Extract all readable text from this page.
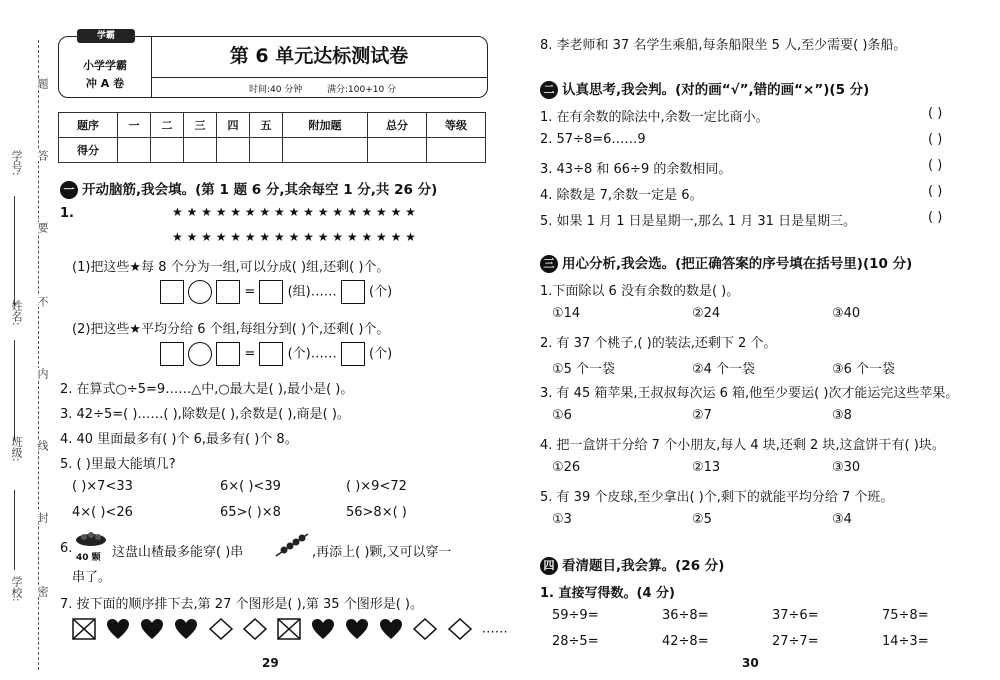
学号:
姓名:
班级:
学校:
题
答
要
不
内
线
封
密
学霸
小学学霸
冲 A 卷
第 6 单元达标测试卷
时间:40 分钟	满分:100+10 分
题序	一	二	三	四	五	附加题	总分	等级
得分								
一 开动脑筋,我会填。(第 1 题 6 分,其余每空 1 分,共 26 分)
1.	★ ★ ★ ★ ★ ★ ★ ★ ★ ★ ★ ★ ★ ★ ★ ★ ★
★ ★ ★ ★ ★ ★ ★ ★ ★ ★ ★ ★ ★ ★ ★ ★ ★
(1)把这些★每 8 个分为一组,可以分成( )组,还剩( )个。
= (组)…… (个)
(2)把这些★平均分给 6 个组,每组分到( )个,还剩( )个。
= (个)…… (个)
2. 在算式○÷5=9……△中,○最大是( ),最小是( )。
3. 42÷5=( )……( ),除数是( ),余数是( ),商是( )。
4. 40 里面最多有( )个 6,最多有( )个 8。
5. ( )里最大能填几?
( )×7<33	6×( )<39	( )×9<72
4×( )<26	65>( )×8	56>8×( )
6.
40 颗 这盘山楂最多能穿( )串	,再添上( )颗,又可以穿一
串了。
7. 按下面的顺序排下去,第 27 个图形是( ),第 35 个图形是( )。
……
29
8. 李老师和 37 名学生乘船,每条船限坐 5 人,至少需要( )条船。
二 认真思考,我会判。(对的画“√”,错的画“×”)(5 分)
1. 在有余数的除法中,余数一定比商小。
2. 57÷8=6……9
3. 43÷8 和 66÷9 的余数相同。
4. 除数是 7,余数一定是 6。
5. 如果 1 月 1 日是星期一,那么 1 月 31 日是星期三。
( )
( )
( )
( )
( )
三 用心分析,我会选。(把正确答案的序号填在括号里)(10 分)
1.下面除以 6 没有余数的数是( )。
①14	②24	③40
2. 有 37 个桃子,( )的装法,还剩下 2 个。
①5 个一袋	②4 个一袋	③6 个一袋
3. 有 45 箱苹果,王叔叔每次运 6 箱,他至少要运( )次才能运完这些苹果。
①6	②7	③8
4. 把一盒饼干分给 7 个小朋友,每人 4 块,还剩 2 块,这盒饼干有( )块。
①26	②13	③30
5. 有 39 个皮球,至少拿出( )个,剩下的就能平均分给 7 个班。
①3	②5	③4
四 看清题目,我会算。(26 分)
1. 直接写得数。(4 分)
59÷9=	36÷8=	37÷6=	75÷8=
28÷5=	42÷8=	27÷7=	14÷3=
30
